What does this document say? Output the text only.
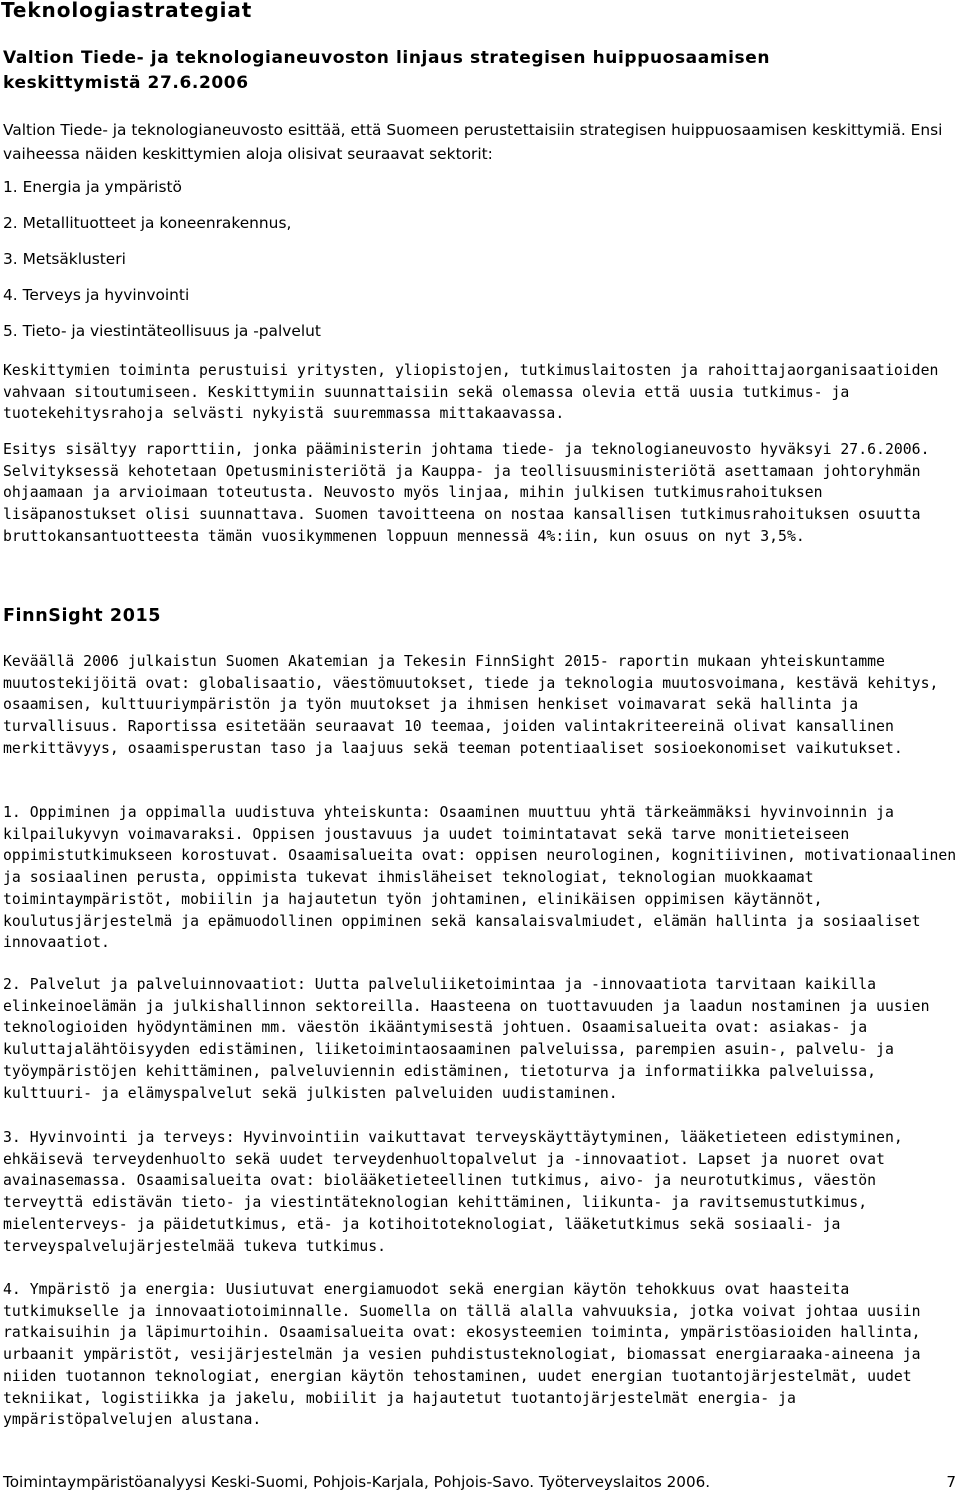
Teknologiastrategiat
Valtion Tiede- ja teknologianeuvoston linjaus strategisen huippuosaamisen keskittymistä 27.6.2006

Valtion Tiede- ja teknologianeuvosto esittää, että Suomeen perustettaisiin strategisen huippuosaamisen keskittymiä. Ensi vaiheessa näiden keskittymien aloja olisivat seuraavat sektorit:

1. Energia ja ympäristö
2. Metallituotteet ja koneenrakennus,
3. Metsäklusteri
4. Terveys ja hyvinvointi
5. Tieto- ja viestintäteollisuus ja -palvelut

Keskittymien toiminta perustuisi yritysten, yliopistojen, tutkimuslaitosten ja rahoittajaorganisaatioiden vahvaan sitoutumiseen. Keskittymiin suunnattaisiin sekä olemassa olevia että uusia tutkimus- ja tuotekehitysrahoja selvästi nykyistä suuremmassa mittakaavassa.

Esitys sisältyy raporttiin, jonka pääministerin johtama tiede- ja teknologianeuvosto hyväksyi 27.6.2006. Selvityksessä kehotetaan Opetusministeriötä ja Kauppa- ja teollisuusministeriötä asettamaan johtoryhmän ohjaamaan ja arvioimaan toteutusta. Neuvosto myös linjaa, mihin julkisen tutkimusrahoituksen lisäpanostukset olisi suunnattava. Suomen tavoitteena on nostaa kansallisen tutkimusrahoituksen osuutta bruttokansantuotteesta tämän vuosikymmenen loppuun mennessä 4%:iin, kun osuus on nyt 3,5%.

FinnSight 2015

Keväällä 2006 julkaistun Suomen Akatemian ja Tekesin FinnSight 2015- raportin mukaan yhteiskuntamme muutostekijöitä ovat: globalisaatio, väestömuutokset, tiede ja teknologia muutosvoimana, kestävä kehitys, osaamisen, kulttuuriympäristön ja työn muutokset ja ihmisen henkiset voimavarat sekä hallinta ja turvallisuus. Raportissa esitetään seuraavat 10 teemaa, joiden valintakriteereinä olivat kansallinen merkittävyys, osaamisperustan taso ja laajuus sekä teeman potentiaaliset sosioekonomiset vaikutukset.

1. Oppiminen ja oppimalla uudistuva yhteiskunta: Osaaminen muuttuu yhtä tärkeämmäksi hyvinvoinnin ja kilpailukyvyn voimavaraksi. Oppisen joustavuus ja uudet toimintatavat sekä tarve monitieteiseen oppimistutkimukseen korostuvat. Osaamisalueita ovat: oppisen neurologinen, kognitiivinen, motivationaalinen ja sosiaalinen perusta, oppimista tukevat ihmisläheiset teknologiat, teknologian muokkaamat toimintaympäristöt, mobiilin ja hajautetun työn johtaminen, elinikäisen oppimisen käytännöt, koulutusjärjestelmä ja epämuodollinen oppiminen sekä kansalaisvalmiudet, elämän hallinta ja sosiaaliset innovaatiot.

2. Palvelut ja palveluinnovaatiot: Uutta palveluliiketoimintaa ja -innovaatiota tarvitaan kaikilla elinkeinoelämän ja julkishallinnon sektoreilla. Haasteena on tuottavuuden ja laadun nostaminen ja uusien teknologioiden hyödyntäminen mm. väestön ikääntymisestä johtuen. Osaamisalueita ovat: asiakas- ja kuluttajalähtöisyyden edistäminen, liiketoimintaosaaminen palveluissa, parempien asuin-, palvelu- ja työympäristöjen kehittäminen, palveluviennin edistäminen, tietoturva ja informatiikka palveluissa, kulttuuri- ja elämyspalvelut sekä julkisten palveluiden uudistaminen.

3. Hyvinvointi ja terveys: Hyvinvointiin vaikuttavat terveyskäyttäytyminen, lääketieteen edistyminen, ehkäisevä terveydenhuolto sekä uudet terveydenhuoltopalvelut ja -innovaatiot. Lapset ja nuoret ovat avainasemassa. Osaamisalueita ovat: biolääketieteellinen tutkimus, aivo- ja neurotutkimus, väestön terveyttä edistävän tieto- ja viestintäteknologian kehittäminen, liikunta- ja ravitsemustutkimus, mielenterveys- ja päidetutkimus, etä- ja kotihoitoteknologiat, lääketutkimus sekä sosiaali- ja terveyspalvelujärjestelmää tukeva tutkimus.

4. Ympäristö ja energia: Uusiutuvat energiamuodot sekä energian käytön tehokkuus ovat haasteita tutkimukselle ja innovaatiotoiminnalle. Suomella on tällä alalla vahvuuksia, jotka voivat johtaa uusiin ratkaisuihin ja läpimurtoihin. Osaamisalueita ovat: ekosysteemien toiminta, ympäristöasioiden hallinta, urbaanit ympäristöt, vesijärjestelmän ja vesien puhdistusteknologiat, biomassat energiaraaka-aineena ja niiden tuotannon teknologiat, energian käytön tehostaminen, uudet energian tuotantojärjestelmät, uudet tekniikat, logistiikka ja jakelu, mobiilit ja hajautetut tuotantojärjestelmät energia- ja ympäristöpalvelujen alustana.

Toimintaympäristöanalyysi Keski-Suomi, Pohjois-Karjala, Pohjois-Savo. Työterveyslaitos 2006.	7
